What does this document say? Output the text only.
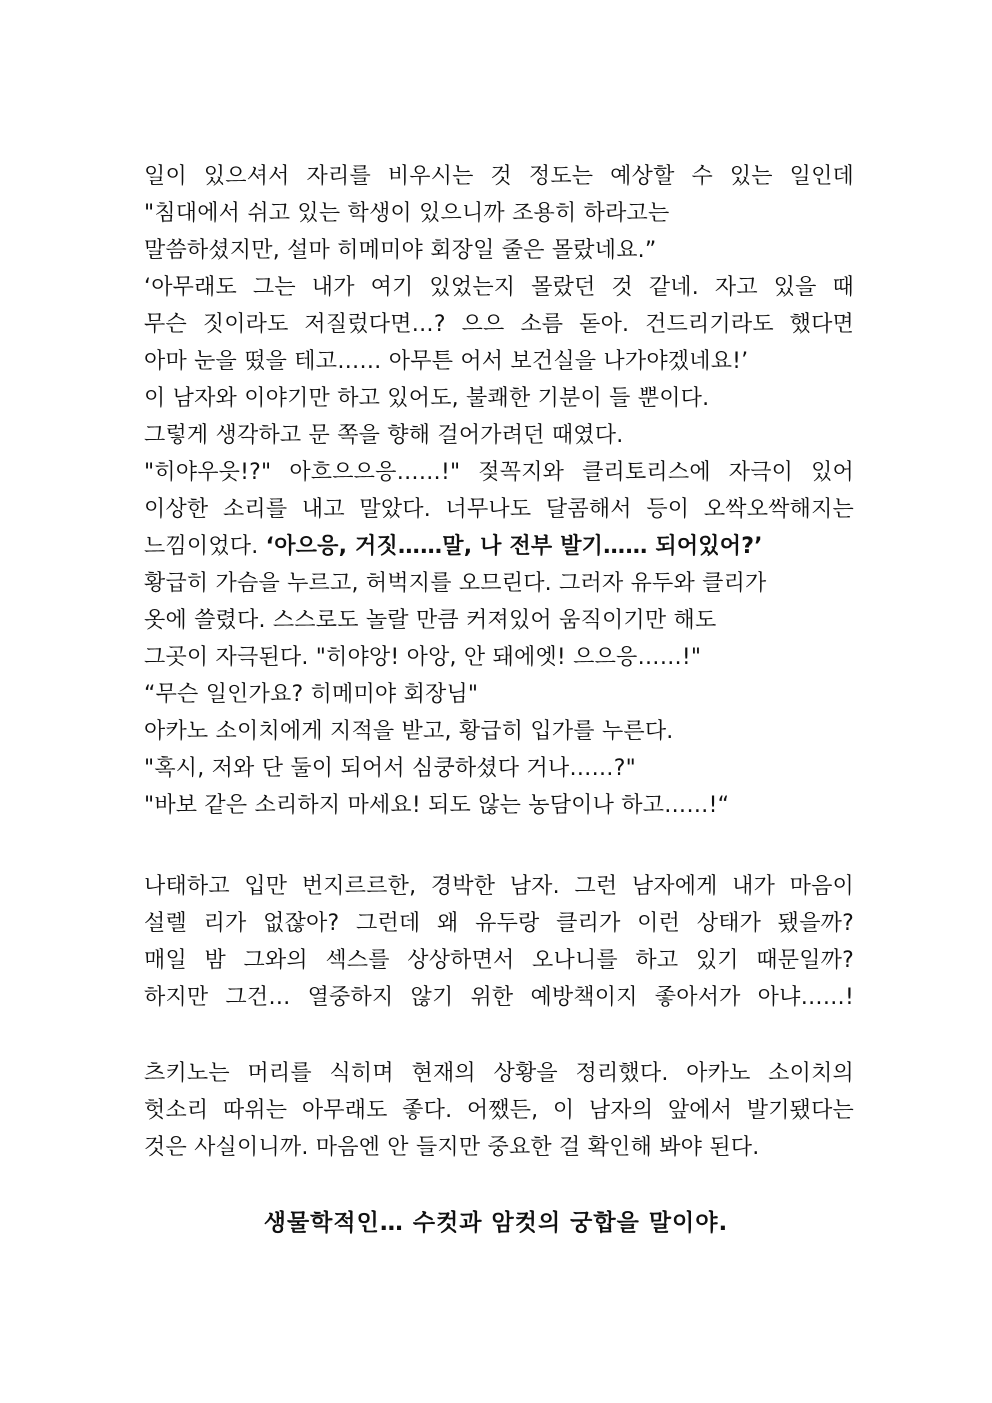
일이 있으셔서 자리를 비우시는 것 정도는 예상할 수 있는 일인데
"침대에서 쉬고 있는 학생이 있으니까 조용히 하라고는
말씀하셨지만, 설마 히메미야 회장일 줄은 몰랐네요.”
‘아무래도 그는 내가 여기 있었는지 몰랐던 것 같네. 자고 있을 때
무슨 짓이라도 저질렀다면…? 으으 소름 돋아. 건드리기라도 했다면
아마 눈을 떴을 테고…… 아무튼 어서 보건실을 나가야겠네요!’
이 남자와 이야기만 하고 있어도, 불쾌한 기분이 들 뿐이다.
그렇게 생각하고 문 쪽을 향해 걸어가려던 때였다.
"히야우읏!?" 아흐으으응……!" 젖꼭지와 클리토리스에 자극이 있어
이상한 소리를 내고 말았다. 너무나도 달콤해서 등이 오싹오싹해지는
느낌이었다. ‘아으응, 거짓……말, 나 전부 발기…… 되어있어?’
황급히 가슴을 누르고, 허벅지를 오므린다. 그러자 유두와 클리가
옷에 쓸렸다. 스스로도 놀랄 만큼 커져있어 움직이기만 해도
그곳이 자극된다. "히야앙! 아앙, 안 돼에엣! 으으응……!"
“무슨 일인가요? 히메미야 회장님"
아카노 소이치에게 지적을 받고, 황급히 입가를 누른다.
"혹시, 저와 단 둘이 되어서 심쿵하셨다 거나……?"
"바보 같은 소리하지 마세요! 되도 않는 농담이나 하고……!“
나태하고 입만 번지르르한, 경박한 남자. 그런 남자에게 내가 마음이
설렐 리가 없잖아? 그런데 왜 유두랑 클리가 이런 상태가 됐을까?
매일 밤 그와의 섹스를 상상하면서 오나니를 하고 있기 때문일까?
하지만 그건… 열중하지 않기 위한 예방책이지 좋아서가 아냐……!
츠키노는 머리를 식히며 현재의 상황을 정리했다. 아카노 소이치의
헛소리 따위는 아무래도 좋다. 어쨌든, 이 남자의 앞에서 발기됐다는
것은 사실이니까. 마음엔 안 들지만 중요한 걸 확인해 봐야 된다.
생물학적인… 수컷과 암컷의 궁합을 말이야.
